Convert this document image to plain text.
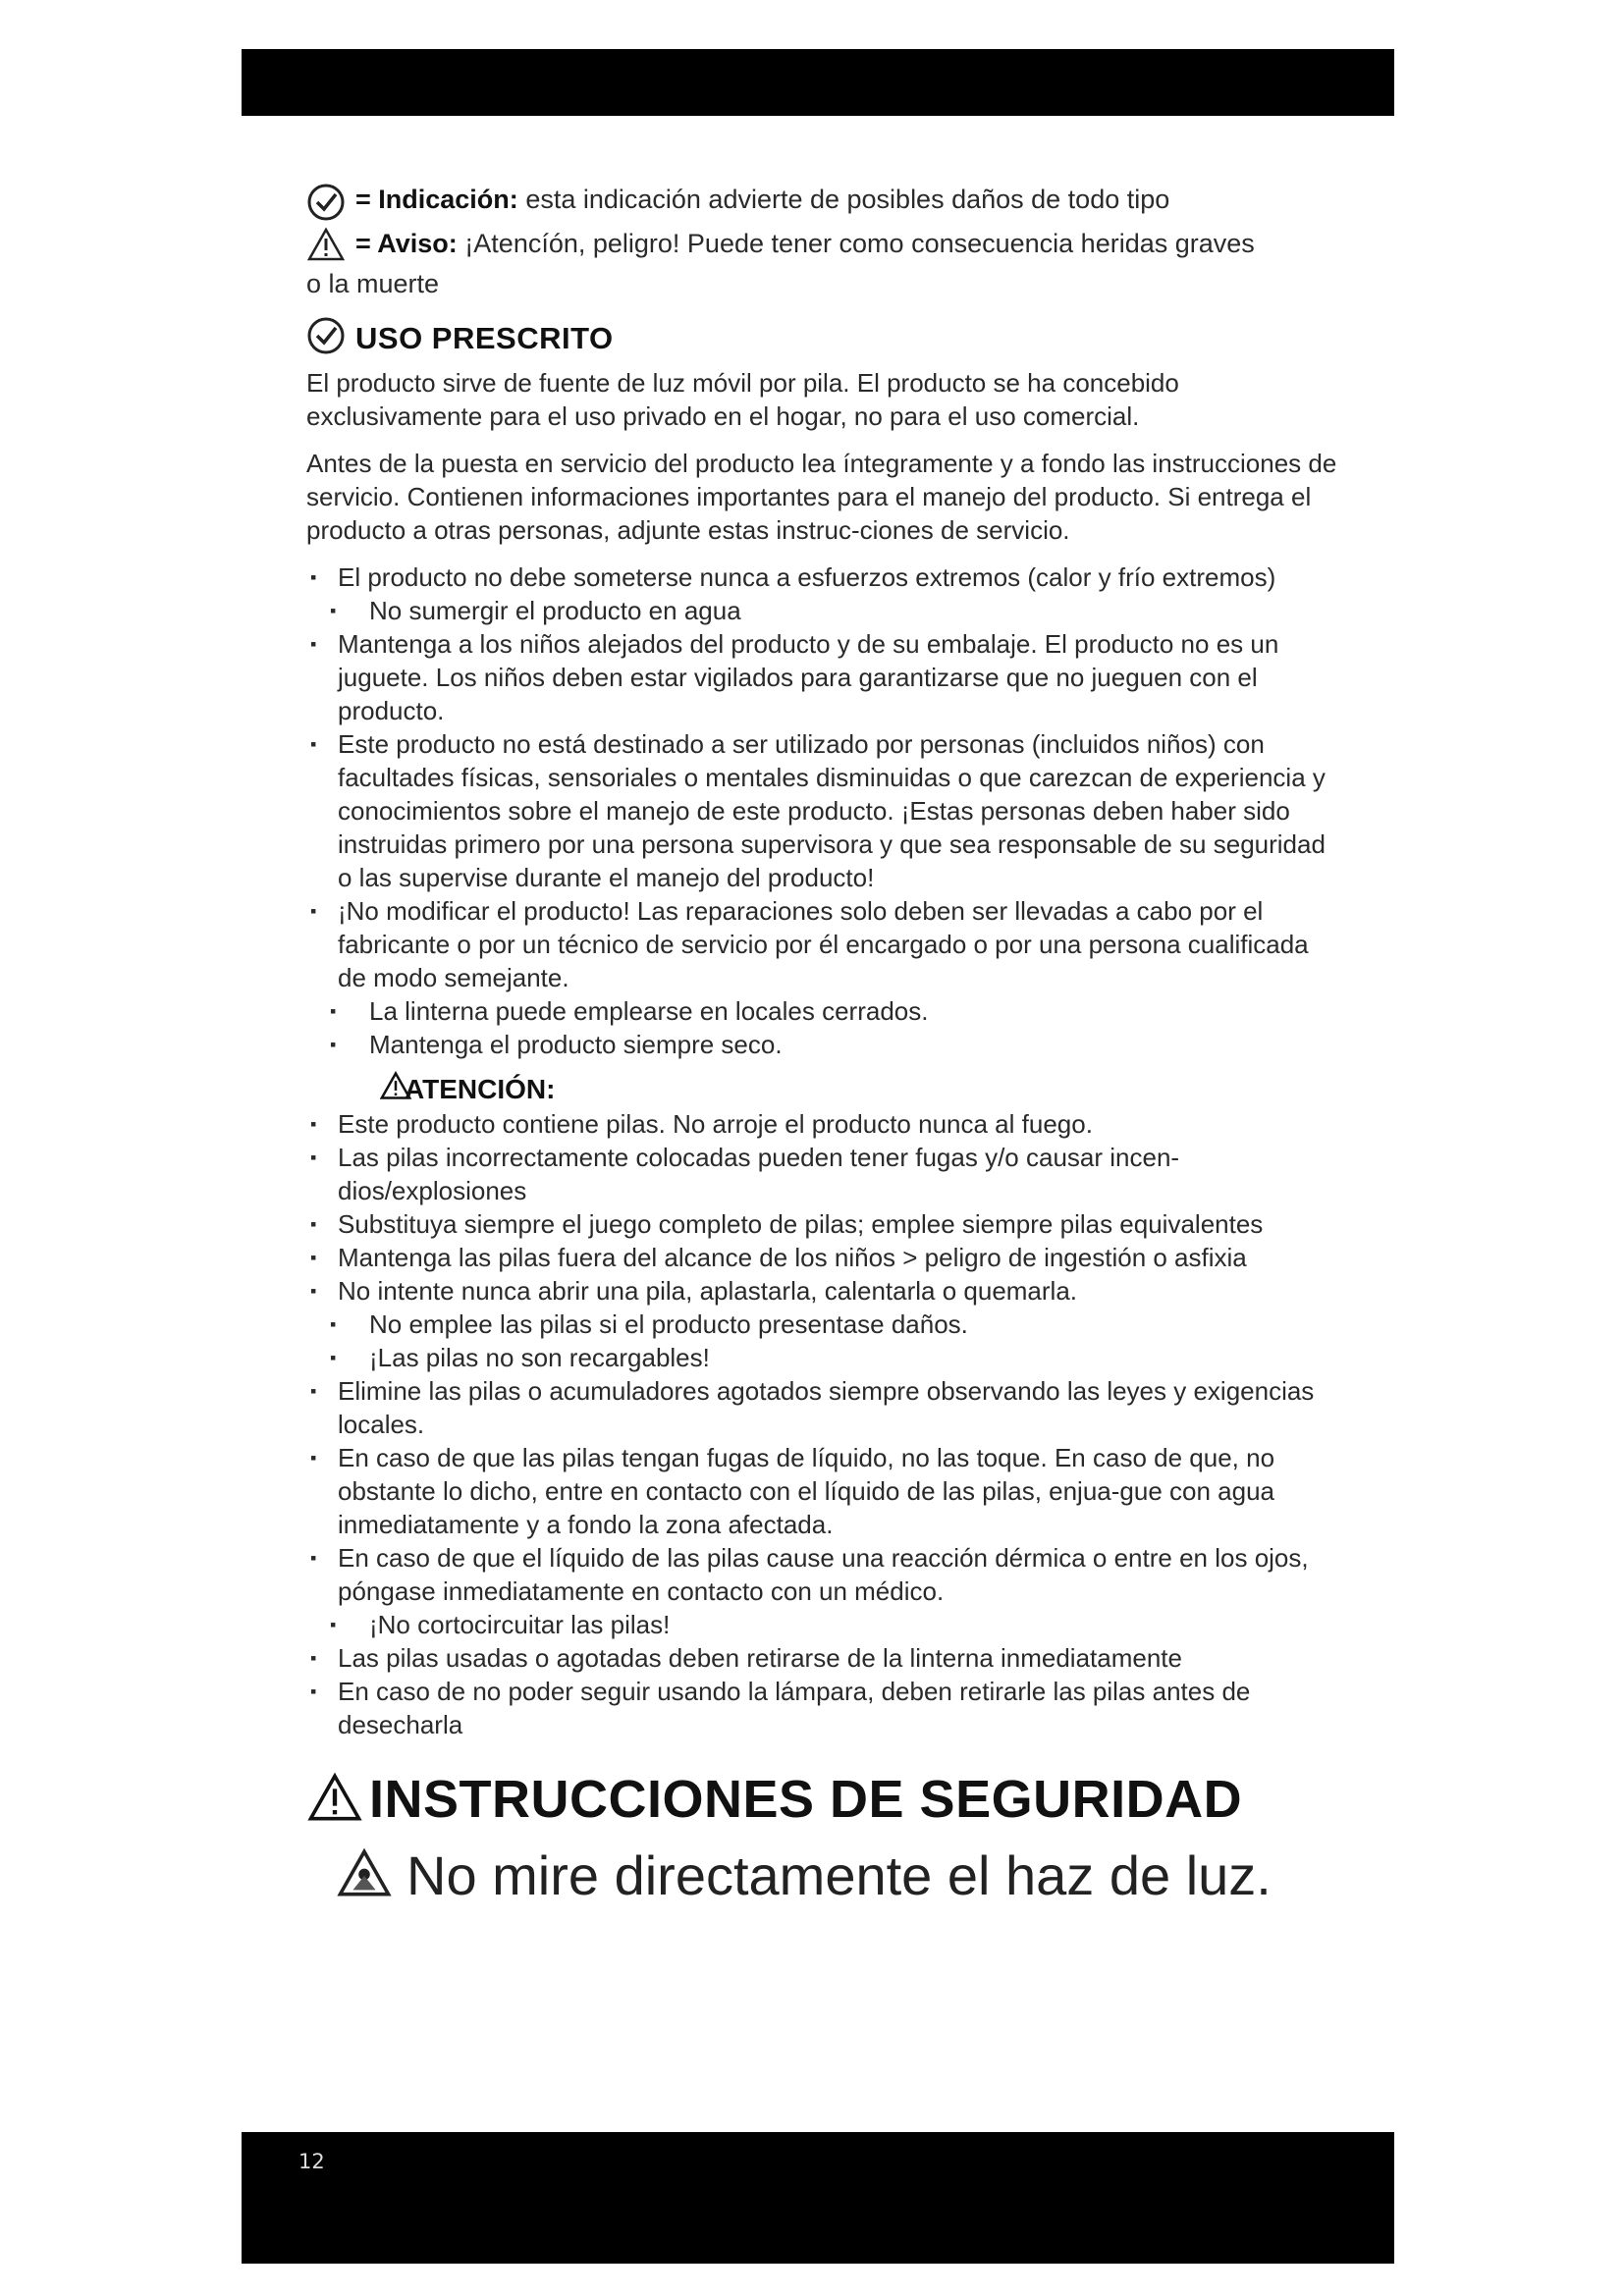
= Indicación: esta indicación advierte de posibles daños de todo tipo

= Aviso: ¡Atencíón, peligro! Puede tener como consecuencia heridas graves

o la muerte

USO PRESCRITO

El producto sirve de fuente de luz móvil por pila. El producto se ha concebido exclusivamente para el uso privado en el hogar, no para el uso comercial.

Antes de la puesta en servicio del producto lea íntegramente y a fondo las instrucciones de servicio. Contienen informaciones importantes para el manejo del producto. Si entrega el producto a otras personas, adjunte estas instruc-ciones de servicio.

▪ El producto no debe someterse nunca a esfuerzos extremos (calor y frío extremos)
▪ No sumergir el producto en agua
▪ Mantenga a los niños alejados del producto y de su embalaje. El producto no es un juguete. Los niños deben estar vigilados para garantizarse que no jueguen con el producto.
▪ Este producto no está destinado a ser utilizado por personas (incluidos niños) con facultades físicas, sensoriales o mentales disminuidas o que carezcan de experiencia y conocimientos sobre el manejo de este producto. ¡Estas personas deben haber sido instruidas primero por una persona supervisora y que sea responsable de su seguridad o las supervise durante el manejo del producto!
▪ ¡No modificar el producto! Las reparaciones solo deben ser llevadas a cabo por el fabricante o por un técnico de servicio por él encargado o por una persona cualificada de modo semejante.
▪ La linterna puede emplearse en locales cerrados.
▪ Mantenga el producto siempre seco.
ATENCIÓN:
▪ Este producto contiene pilas. No arroje el producto nunca al fuego.
▪ Las pilas incorrectamente colocadas pueden tener fugas y/o causar incen-dios/explosiones
▪ Substituya siempre el juego completo de pilas; emplee siempre pilas equivalentes
▪ Mantenga las pilas fuera del alcance de los niños > peligro de ingestión o asfixia
▪ No intente nunca abrir una pila, aplastarla, calentarla o quemarla.
▪ No emplee las pilas si el producto presentase daños.
▪ ¡Las pilas no son recargables!
▪ Elimine las pilas o acumuladores agotados siempre observando las leyes y exigencias locales.
▪ En caso de que las pilas tengan fugas de líquido, no las toque. En caso de que, no obstante lo dicho, entre en contacto con el líquido de las pilas, enjua-gue con agua inmediatamente y a fondo la zona afectada.
▪ En caso de que el líquido de las pilas cause una reacción dérmica o entre en los ojos, póngase inmediatamente en contacto con un médico.
▪ ¡No cortocircuitar las pilas!
▪ Las pilas usadas o agotadas deben retirarse de la linterna inmediatamente
▪ En caso de no poder seguir usando la lámpara, deben retirarle las pilas antes de desecharla
INSTRUCCIONES DE SEGURIDAD

No mire directamente el haz de luz.

12
